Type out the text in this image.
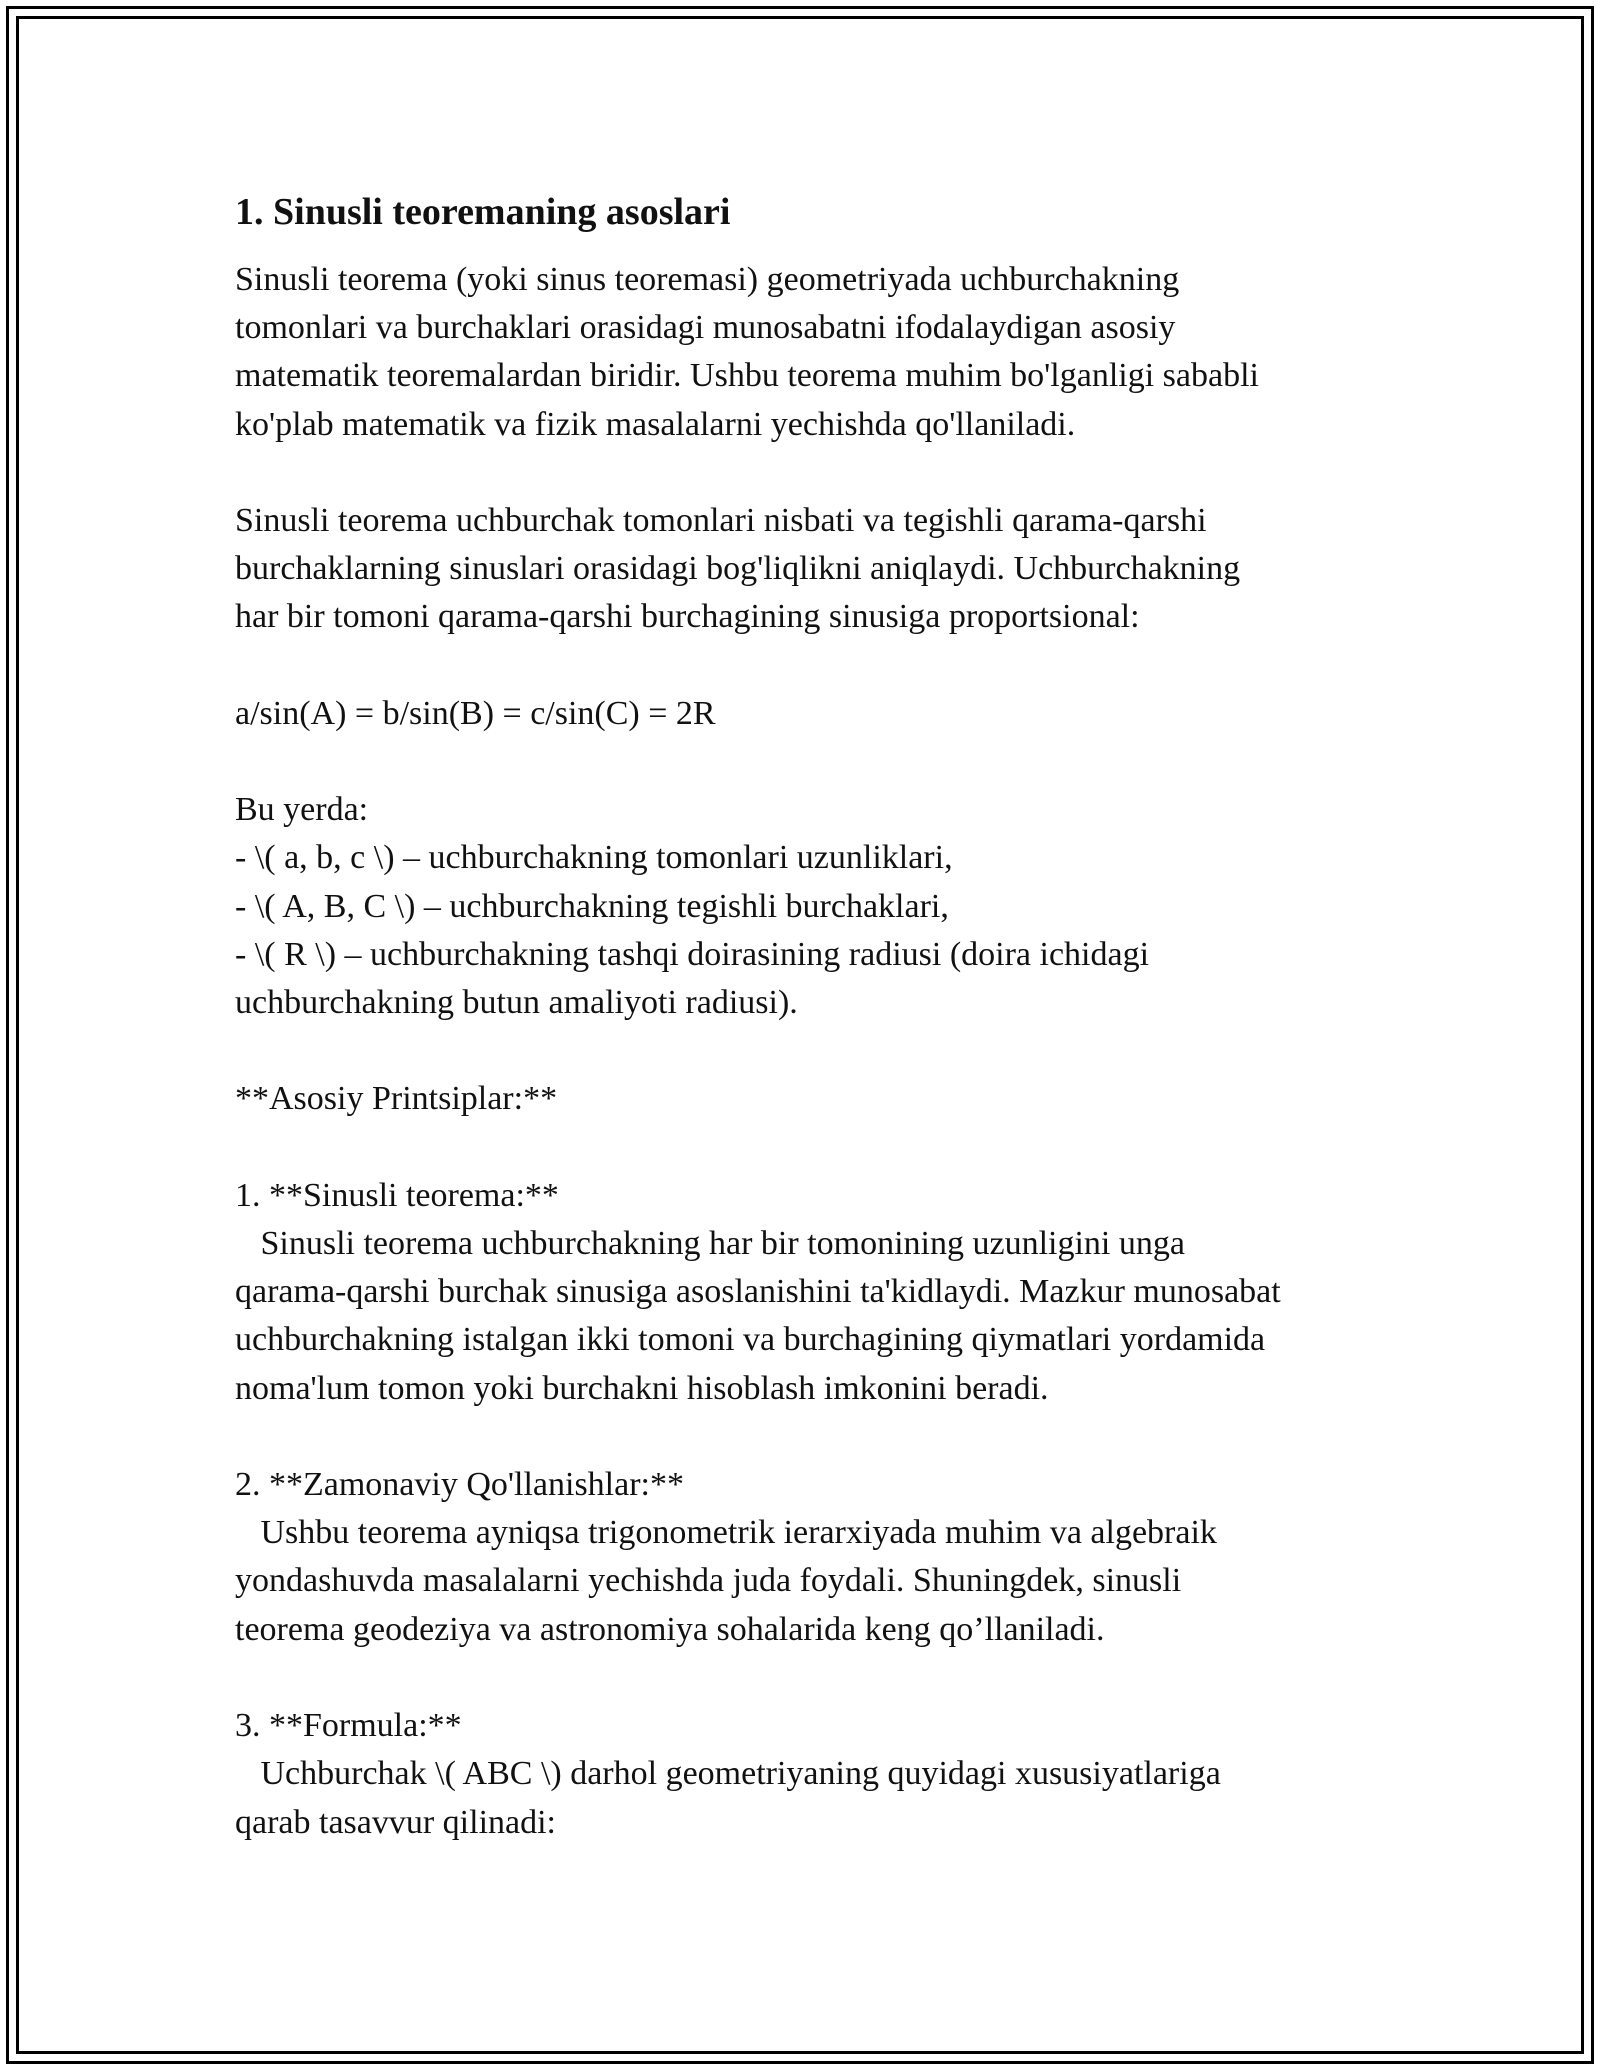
1. Sinusli teoremaning asoslari
Sinusli teorema (yoki sinus teoremasi) geometriyada uchburchakning
tomonlari va burchaklari orasidagi munosabatni ifodalaydigan asosiy
matematik teoremalardan biridir. Ushbu teorema muhim bo'lganligi sababli
ko'plab matematik va fizik masalalarni yechishda qo'llaniladi.

Sinusli teorema uchburchak tomonlari nisbati va tegishli qarama-qarshi
burchaklarning sinuslari orasidagi bog'liqlikni aniqlaydi. Uchburchakning
har bir tomoni qarama-qarshi burchagining sinusiga proportsional:

a/sin(A) = b/sin(B) = c/sin(C) = 2R

Bu yerda:
- \( a, b, c \) – uchburchakning tomonlari uzunliklari,
- \( A, B, C \) – uchburchakning tegishli burchaklari,
- \( R \) – uchburchakning tashqi doirasining radiusi (doira ichidagi
uchburchakning butun amaliyoti radiusi).

**Asosiy Printsiplar:**

1. **Sinusli teorema:**
Sinusli teorema uchburchakning har bir tomonining uzunligini unga
qarama-qarshi burchak sinusiga asoslanishini ta'kidlaydi. Mazkur munosabat
uchburchakning istalgan ikki tomoni va burchagining qiymatlari yordamida
noma'lum tomon yoki burchakni hisoblash imkonini beradi.

2. **Zamonaviy Qo'llanishlar:**
Ushbu teorema ayniqsa trigonometrik ierarxiyada muhim va algebraik
yondashuvda masalalarni yechishda juda foydali. Shuningdek, sinusli
teorema geodeziya va astronomiya sohalarida keng qo’llaniladi.

3. **Formula:**
Uchburchak \( ABC \) darhol geometriyaning quyidagi xususiyatlariga
qarab tasavvur qilinadi:
